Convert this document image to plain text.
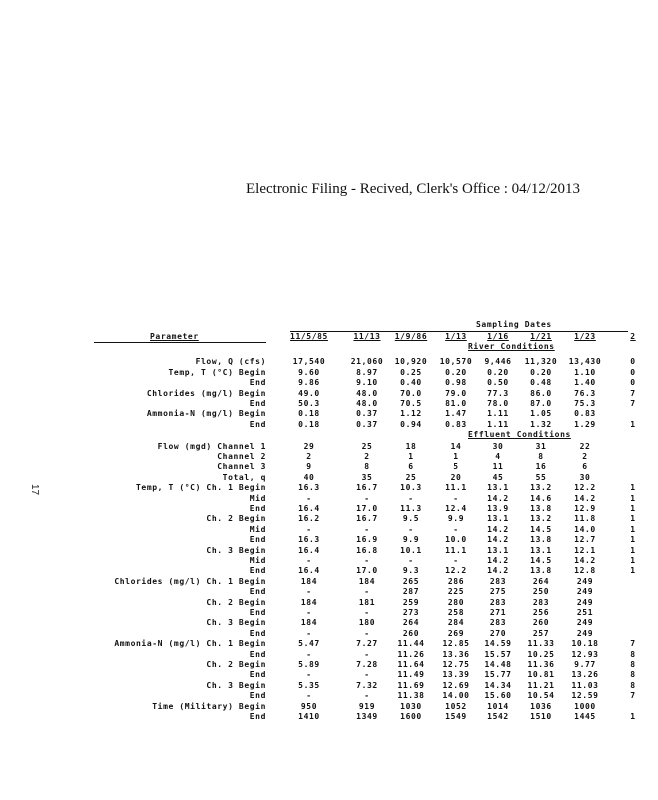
Electronic Filing - Recived, Clerk's Office : 04/12/2013
17
Sampling Dates
Parameter	11/5/85	11/13	1/9/86	1/13	1/16	1/21	1/23	2
River Conditions
Flow, Q (cfs)	17,540	21,060	10,920	10,570	9,446	11,320	13,430	0
Temp, T (°C) Begin	9.60	8.97	0.25	0.20	0.20	0.20	1.10	0
End	9.86	9.10	0.40	0.98	0.50	0.48	1.40	0
Chlorides (mg/l) Begin	49.0	48.0	70.0	79.0	77.3	86.0	76.3	7
End	50.3	48.0	70.5	81.0	78.0	87.0	75.3	7
Ammonia-N (mg/l) Begin	0.18	0.37	1.12	1.47	1.11	1.05	0.83
End	0.18	0.37	0.94	0.83	1.11	1.32	1.29	1
Effluent Conditions
Flow (mgd) Channel 1	29	25	18	14	30	31	22
Channel 2	2	2	1	1	4	8	2
Channel 3	9	8	6	5	11	16	6
Total, q	40	35	25	20	45	55	30
Temp, T (°C) Ch. 1 Begin	16.3	16.7	10.3	11.1	13.1	13.2	12.2	1
Mid	-	-	-	-	14.2	14.6	14.2	1
End	16.4	17.0	11.3	12.4	13.9	13.8	12.9	1
Ch. 2 Begin	16.2	16.7	9.5	9.9	13.1	13.2	11.8	1
Mid	-	-	-	-	14.2	14.5	14.0	1
End	16.3	16.9	9.9	10.0	14.2	13.8	12.7	1
Ch. 3 Begin	16.4	16.8	10.1	11.1	13.1	13.1	12.1	1
Mid	-	-	-	-	14.2	14.5	14.2	1
End	16.4	17.0	9.3	12.2	14.2	13.8	12.8	1
Chlorides (mg/l) Ch. 1 Begin	184	184	265	286	283	264	249
End	-	-	287	225	275	250	249
Ch. 2 Begin	184	181	259	280	283	283	249
End	-	-	273	258	271	256	251
Ch. 3 Begin	184	180	264	284	283	260	249
End	-	-	260	269	270	257	249
Ammonia-N (mg/l) Ch. 1 Begin	5.47	7.27	11.44	12.85	14.59	11.33	10.18	7
End	-	-	11.26	13.36	15.57	10.25	12.93	8
Ch. 2 Begin	5.89	7.28	11.64	12.75	14.48	11.36	9.77	8
End	-	-	11.49	13.39	15.77	10.81	13.26	8
Ch. 3 Begin	5.35	7.32	11.69	12.69	14.34	11.21	11.03	8
End	-	-	11.38	14.00	15.60	10.54	12.59	7
Time (Military) Begin	950	919	1030	1052	1014	1036	1000
End	1410	1349	1600	1549	1542	1510	1445	1
